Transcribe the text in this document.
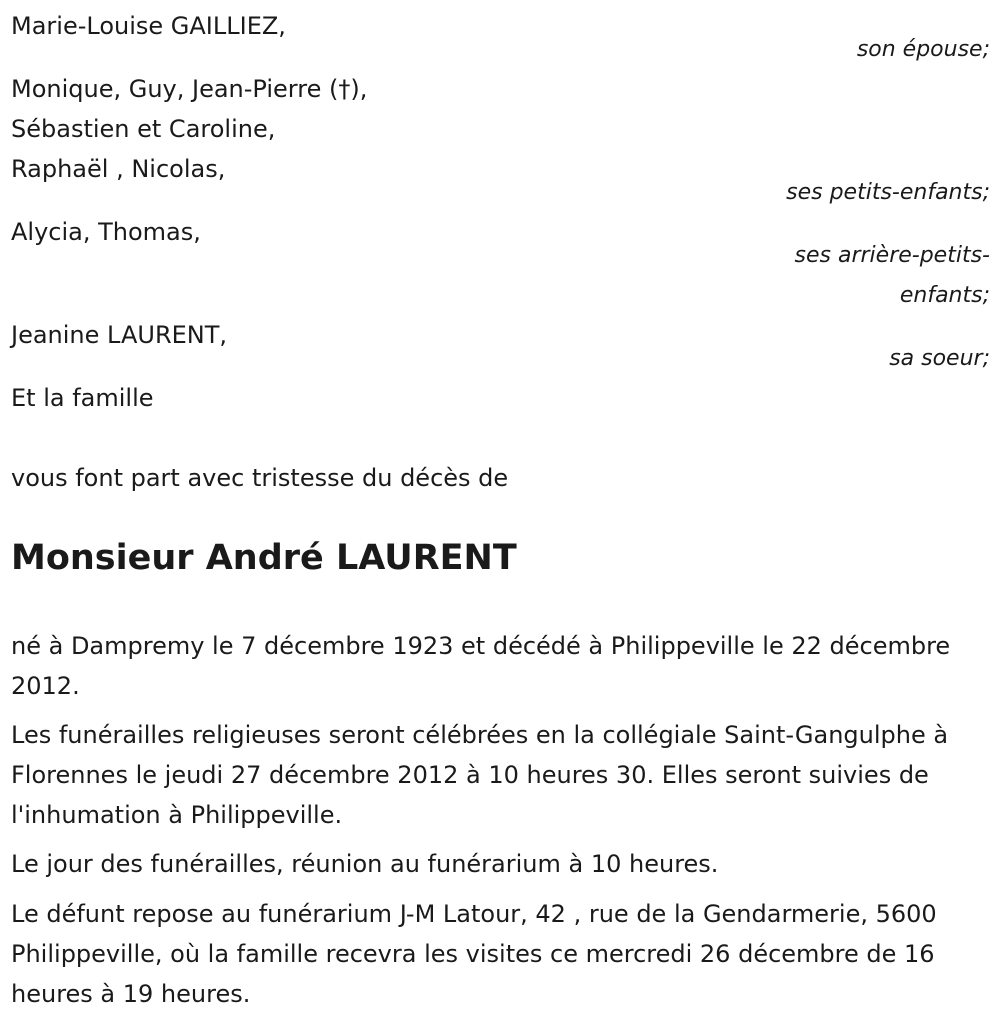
Marie-Louise GAILLIEZ,
son épouse;
Monique, Guy, Jean-Pierre (†),
Sébastien et Caroline,
Raphaël , Nicolas,
ses petits-enfants;
Alycia, Thomas,
ses arrière-petits-
enfants;
Jeanine LAURENT,
sa soeur;
Et la famille
vous font part avec tristesse du décès de
Monsieur André LAURENT
né à Dampremy le 7 décembre 1923 et décédé à Philippeville le 22 décembre 2012.
Les funérailles religieuses seront célébrées en la collégiale Saint-Gangulphe à Florennes le jeudi 27 décembre 2012 à 10 heures 30. Elles seront suivies de l'inhumation à Philippeville.
Le jour des funérailles, réunion au funérarium à 10 heures.
Le défunt repose au funérarium J-M Latour, 42 , rue de la Gendarmerie, 5600 Philippeville, où la famille recevra les visites ce mercredi 26 décembre de 16 heures à 19 heures.
